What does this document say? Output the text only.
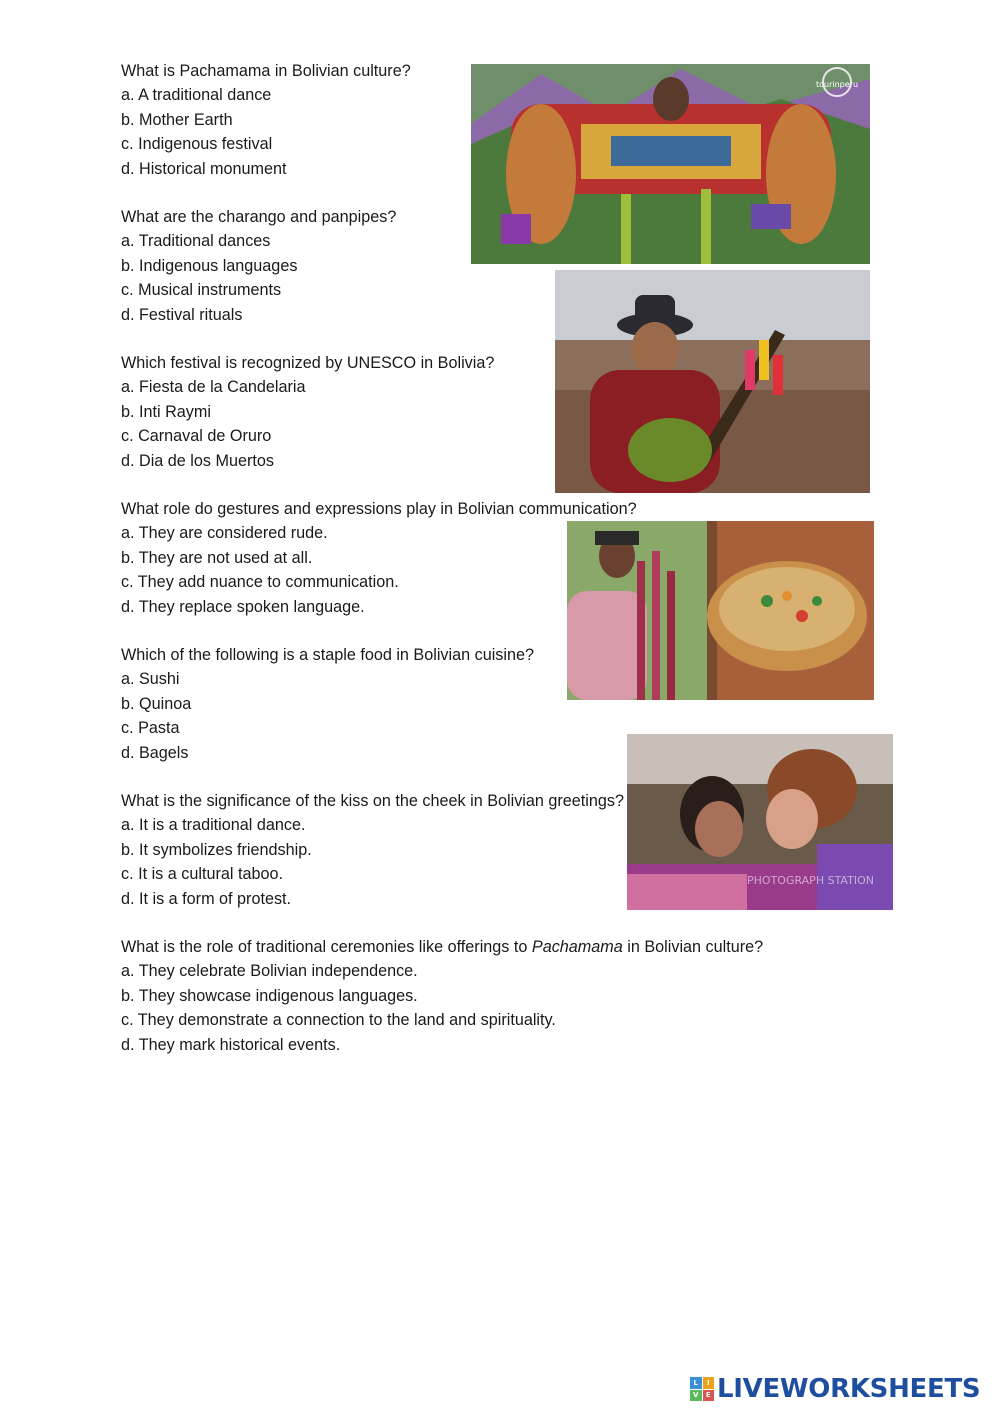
What is Pachamama in Bolivian culture?
a. A traditional dance
b. Mother Earth
c. Indigenous festival
d. Historical monument
What are the charango and panpipes?
a. Traditional dances
b. Indigenous languages
c. Musical instruments
d. Festival rituals
Which festival is recognized by UNESCO in Bolivia?
a. Fiesta de la Candelaria
b. Inti Raymi
c. Carnaval de Oruro
d. Dia de los Muertos
What role do gestures and expressions play in Bolivian communication?
a. They are considered rude.
b. They are not used at all.
c. They add nuance to communication.
d. They replace spoken language.
Which of the following is a staple food in Bolivian cuisine?
a. Sushi
b. Quinoa
c. Pasta
d. Bagels
What is the significance of the kiss on the cheek in Bolivian greetings?
a. It is a traditional dance.
b. It symbolizes friendship.
c. It is a cultural taboo.
d. It is a form of protest.
What is the role of traditional ceremonies like offerings to Pachamama in Bolivian culture?
a. They celebrate Bolivian independence.
b. They showcase indigenous languages.
c. They demonstrate a connection to the land and spirituality.
d. They mark historical events.
tourinperu
PHOTOGRAPH STATION
L	I
V	E LIVEWORKSHEETS
